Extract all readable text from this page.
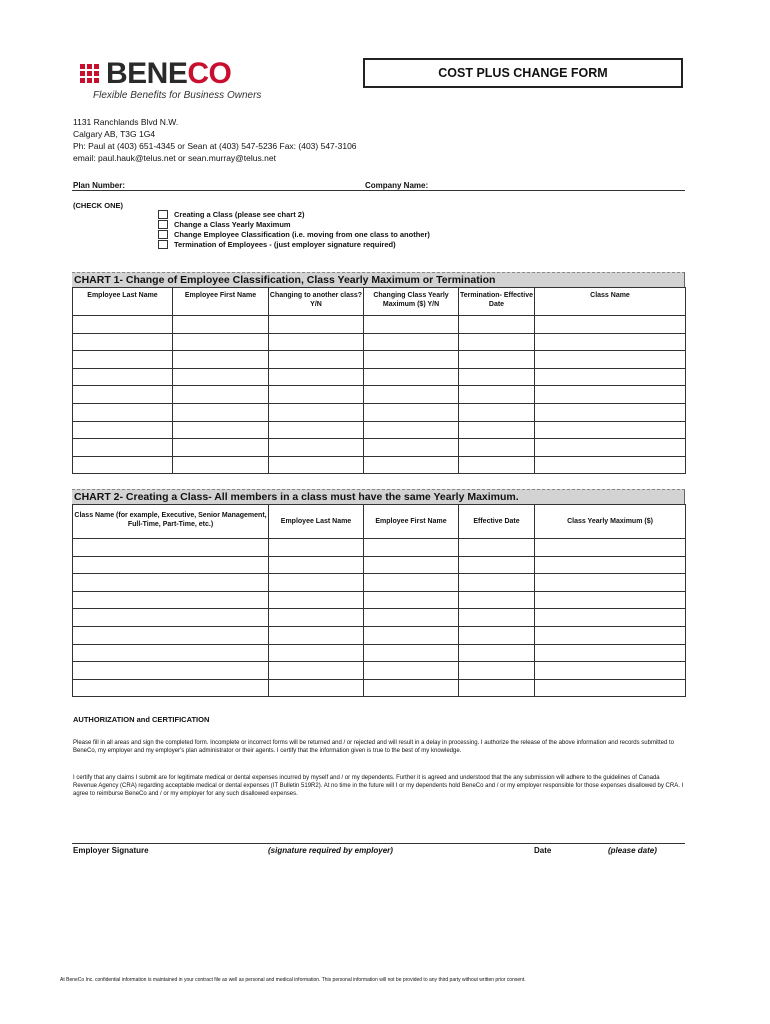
BENECO
Flexible Benefits for Business Owners
COST PLUS CHANGE FORM
1131 Ranchlands Blvd N.W.
Calgary AB, T3G 1G4
Ph: Paul at (403) 651-4345 or Sean at (403) 547-5236 Fax: (403) 547-3106
email: paul.hauk@telus.net or sean.murray@telus.net
Plan Number:	Company Name:
(CHECK ONE)
Creating a Class (please see chart 2)
Change a Class Yearly Maximum
Change Employee Classification (i.e. moving from one class to another)
Termination of Employees - (just employer signature required)
CHART 1- Change of Employee Classification, Class Yearly Maximum or Termination
Employee Last Name	Employee First Name	Changing to another class? Y/N	Changing Class Yearly Maximum ($) Y/N	Termination- Effective Date	Class Name

CHART 2- Creating a Class- All members in a class must have the same Yearly Maximum.
Class Name (for example, Executive, Senior Management, Full-Time, Part-Time, etc.)	Employee Last Name	Employee First Name	Effective Date	Class Yearly Maximum ($)

AUTHORIZATION and CERTIFICATION
Please fill in all areas and sign the completed form. Incomplete or incorrect forms will be returned and / or rejected and will result in a delay in processing. I authorize the release of the above information and records submitted to BeneCo, my employer and my employer's plan administrator or their agents. I certify that the information given is true to the best of my knowledge.
I certify that any claims I submit are for legitimate medical or dental expenses incurred by myself and / or my dependents. Further it is agreed and understood that the any submission will adhere to the guidelines of Canada Revenue Agency (CRA) regarding acceptable medical or dental expenses (IT Bulletin 519R2). At no time in the future will I or my dependents hold BeneCo and / or my employer responsible for those expenses disallowed by CRA. I agree to reimburse BeneCo and / or my employer for any such disallowed expenses.
Employer Signature	(signature required by employer)	Date	(please date)
At BeneCo Inc. confidential information is maintained in your contract file as well as personal and medical information. This personal information will not be provided to any third party without written prior consent.
